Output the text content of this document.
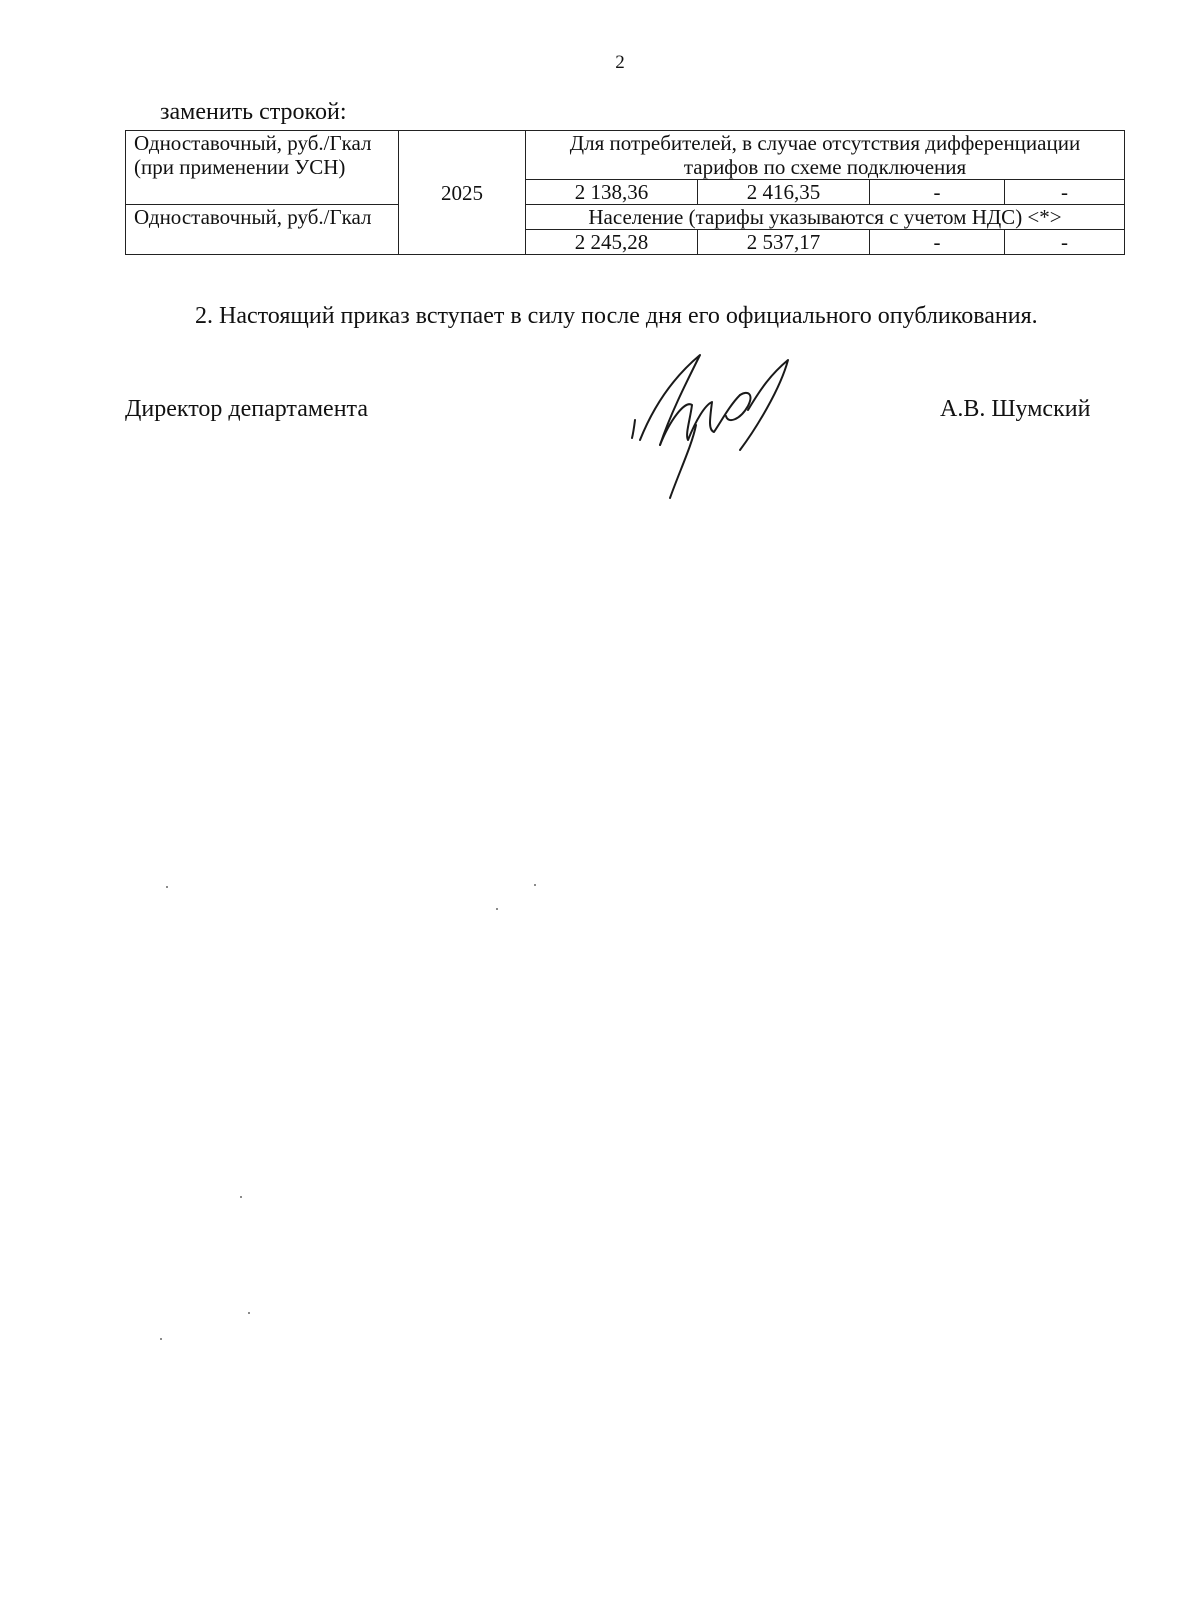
2
заменить строкой:
Одноставочный, руб./Гкал (при применении УСН)	2025	Для потребителей, в случае отсутствия дифференциации тарифов по схеме подключения			
		2 138,36	2 416,35	-	-
Одноставочный, руб./Гкал		Население (тарифы указываются с учетом НДС) <*>			
		2 245,28	2 537,17	-	-
2. Настоящий приказ вступает в силу после дня его официального опубликования.
Директор департамента	А.В. Шумский
